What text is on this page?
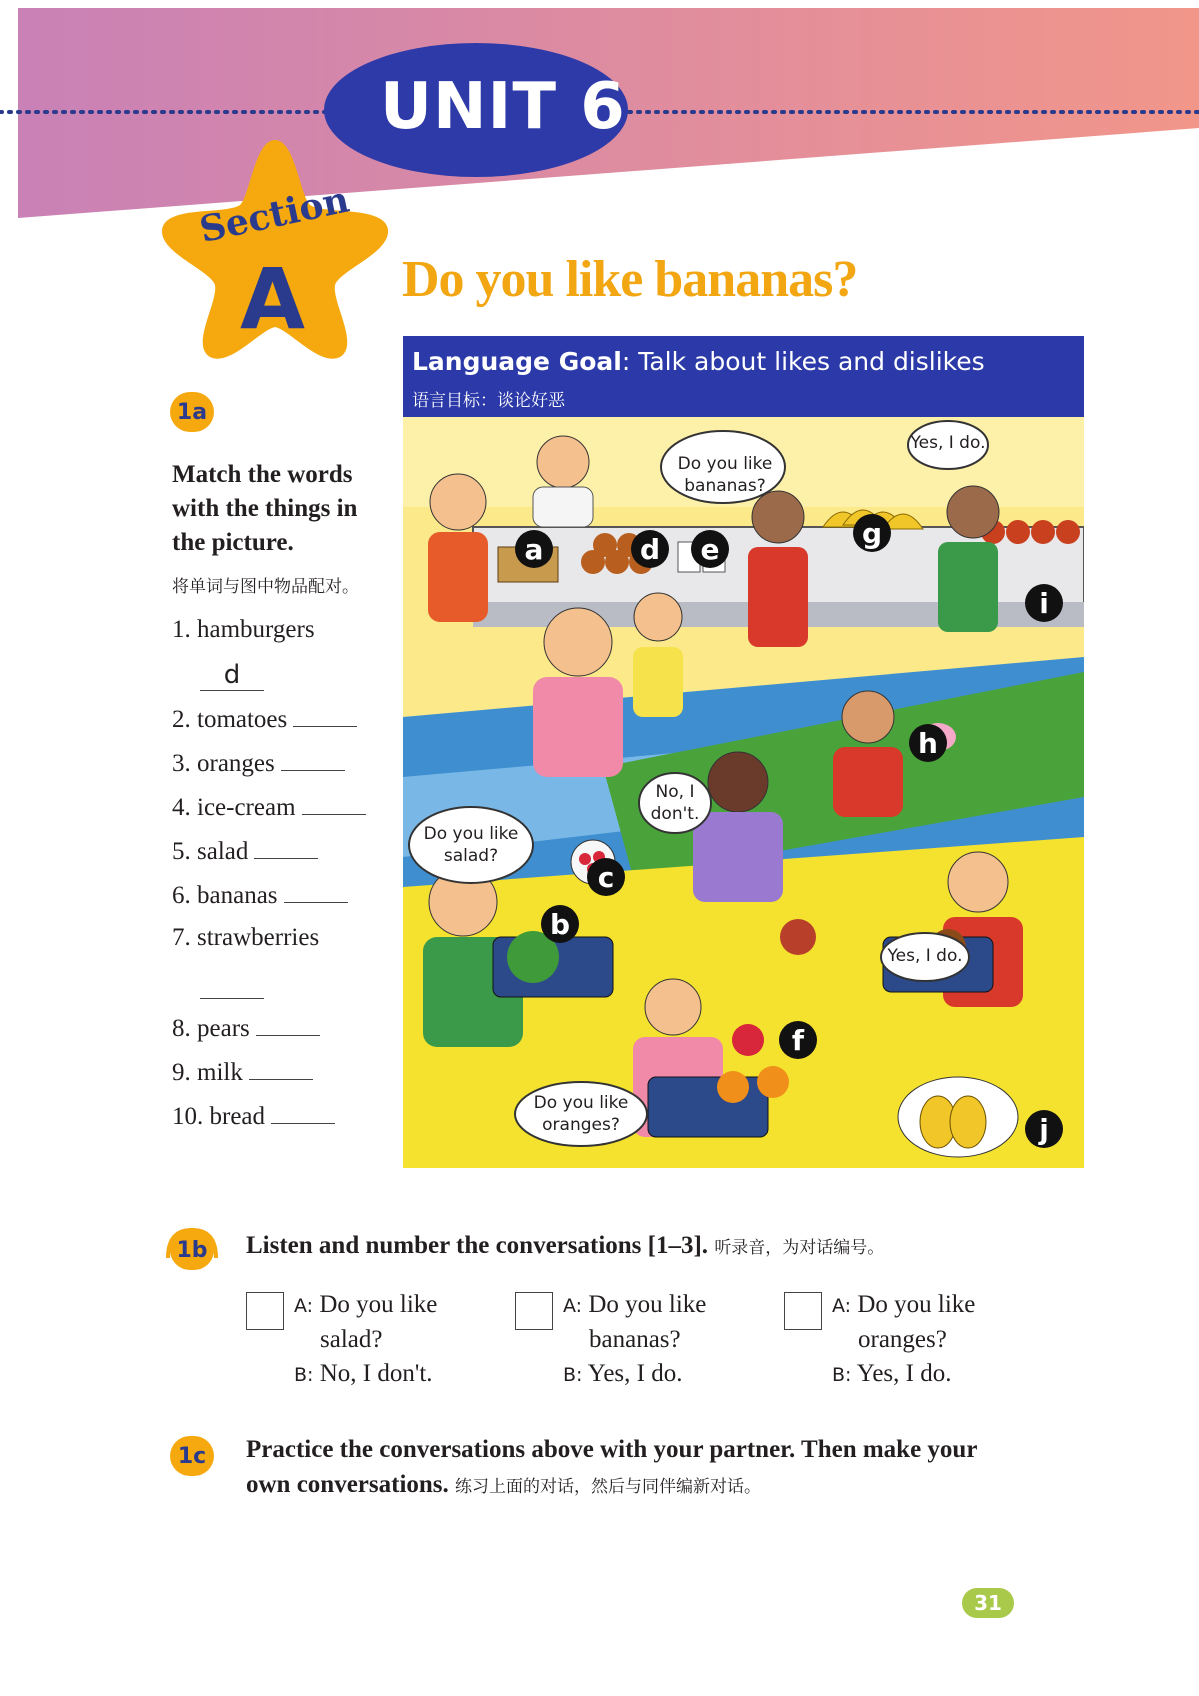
UNIT 6
Section
A Do you like bananas?
1a
Match the words with the things in the picture.
将单词与图中物品配对。
1. hamburgers
d
2. tomatoes
3. oranges
4. ice-cream
5. salad
6. bananas
7. strawberries
8. pears
9. milk
10. bread
Language Goal: Talk about likes and dislikes
语言目标：谈论好恶
Do you like bananas?
Yes, I do.
No, I don't.
Do you like salad?
Yes, I do.
Do you like oranges?
a
b
c
d	e
f
g
h
i
j
1b Listen and number the conversations [1–3]. 听录音，为对话编号。
A: Do you like
salad?
B: No, I don't.
A: Do you like
bananas?
B: Yes, I do.
A: Do you like
oranges?
B: Yes, I do.
1c	Practice the conversations above with your partner. Then make your
own conversations. 练习上面的对话，然后与同伴编新对话。
31
